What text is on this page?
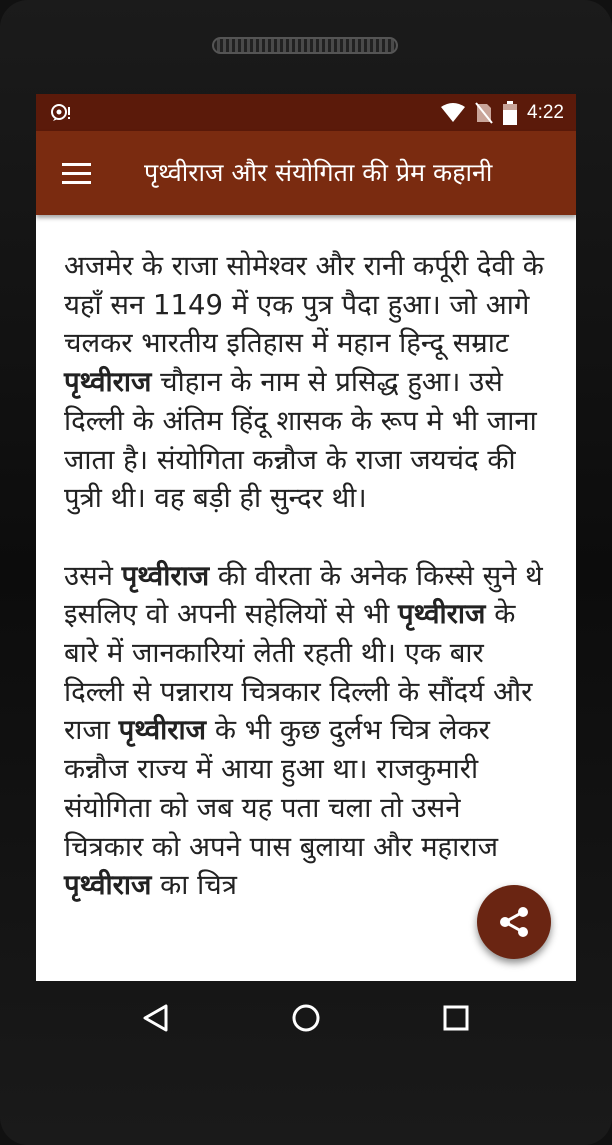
4:22
पृथ्वीराज और संयोगिता की प्रेम कहानी

अजमेर के राजा सोमेश्वर और रानी कर्पूरी देवी के यहाँ सन 1149 में एक पुत्र पैदा हुआ। जो आगे चलकर भारतीय इतिहास में महान हिन्दू सम्राट पृथ्वीराज चौहान के नाम से प्रसिद्ध हुआ। उसे दिल्ली के अंतिम हिंदू शासक के रूप मे भी जाना जाता है। संयोगिता कन्नौज के राजा जयचंद की पुत्री थी। वह बड़ी ही सुन्दर थी।

उसने पृथ्वीराज की वीरता के अनेक किस्से सुने थे इसलिए वो अपनी सहेलियों से भी पृथ्वीराज के बारे में जानकारियां लेती रहती थी। एक बार दिल्ली से पन्नाराय चित्रकार दिल्ली के सौंदर्य और राजा पृथ्वीराज के भी कुछ दुर्लभ चित्र लेकर कन्नौज राज्य में आया हुआ था। राजकुमारी संयोगिता को जब यह पता चला तो उसने चित्रकार को अपने पास बुलाया और महाराज पृथ्वीराज का चित्र
